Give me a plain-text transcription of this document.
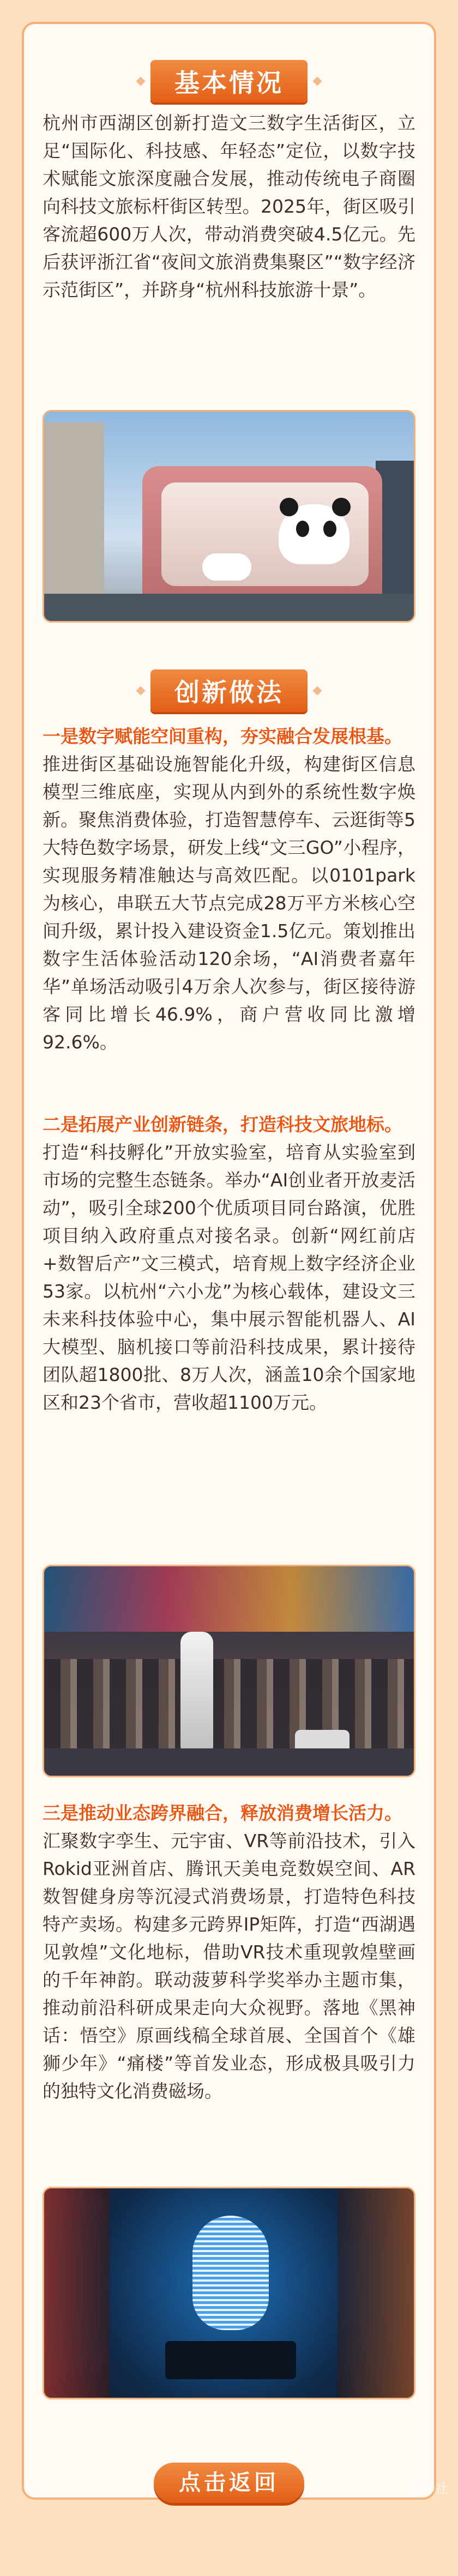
基本情况

杭州市西湖区创新打造文三数字生活街区，立足“国际化、科技感、年轻态”定位，以数字技术赋能文旅深度融合发展，推动传统电子商圈向科技文旅标杆街区转型。2025年，街区吸引客流超600万人次，带动消费突破4.5亿元。先后获评浙江省“夜间文旅消费集聚区”“数字经济示范街区”，并跻身“杭州科技旅游十景”。

创新做法

一是数字赋能空间重构，夯实融合发展根基。

推进街区基础设施智能化升级，构建街区信息模型三维底座，实现从内到外的系统性数字焕新。聚焦消费体验，打造智慧停车、云逛街等5大特色数字场景，研发上线“文三GO”小程序，实现服务精准触达与高效匹配。以0101park为核心，串联五大节点完成28万平方米核心空间升级，累计投入建设资金1.5亿元。策划推出数字生活体验活动120余场，“AI消费者嘉年华”单场活动吸引4万余人次参与，街区接待游客同比增长46.9%，商户营收同比激增92.6%。

二是拓展产业创新链条，打造科技文旅地标。

打造“科技孵化”开放实验室，培育从实验室到市场的完整生态链条。举办“AI创业者开放麦活动”，吸引全球200个优质项目同台路演，优胜项目纳入政府重点对接名录。创新“网红前店+数智后产”文三模式，培育规上数字经济企业53家。以杭州“六小龙”为核心载体，建设文三未来科技体验中心，集中展示智能机器人、AI大模型、脑机接口等前沿科技成果，累计接待团队超1800批、8万人次，涵盖10余个国家地区和23个省市，营收超1100万元。

三是推动业态跨界融合，释放消费增长活力。

汇聚数字孪生、元宇宙、VR等前沿技术，引入Rokid亚洲首店、腾讯天美电竞数娱空间、AR数智健身房等沉浸式消费场景，打造特色科技特产卖场。构建多元跨界IP矩阵，打造“西湖遇见敦煌”文化地标，借助VR技术重现敦煌壁画的千年神韵。联动菠萝科学奖举办主题市集，推动前沿科研成果走向大众视野。落地《黑神话：悟空》原画线稿全球首展、全国首个《雄狮少年》“痛楼”等首发业态，形成极具吸引力的独特文化消费磁场。

点击返回	新华社
